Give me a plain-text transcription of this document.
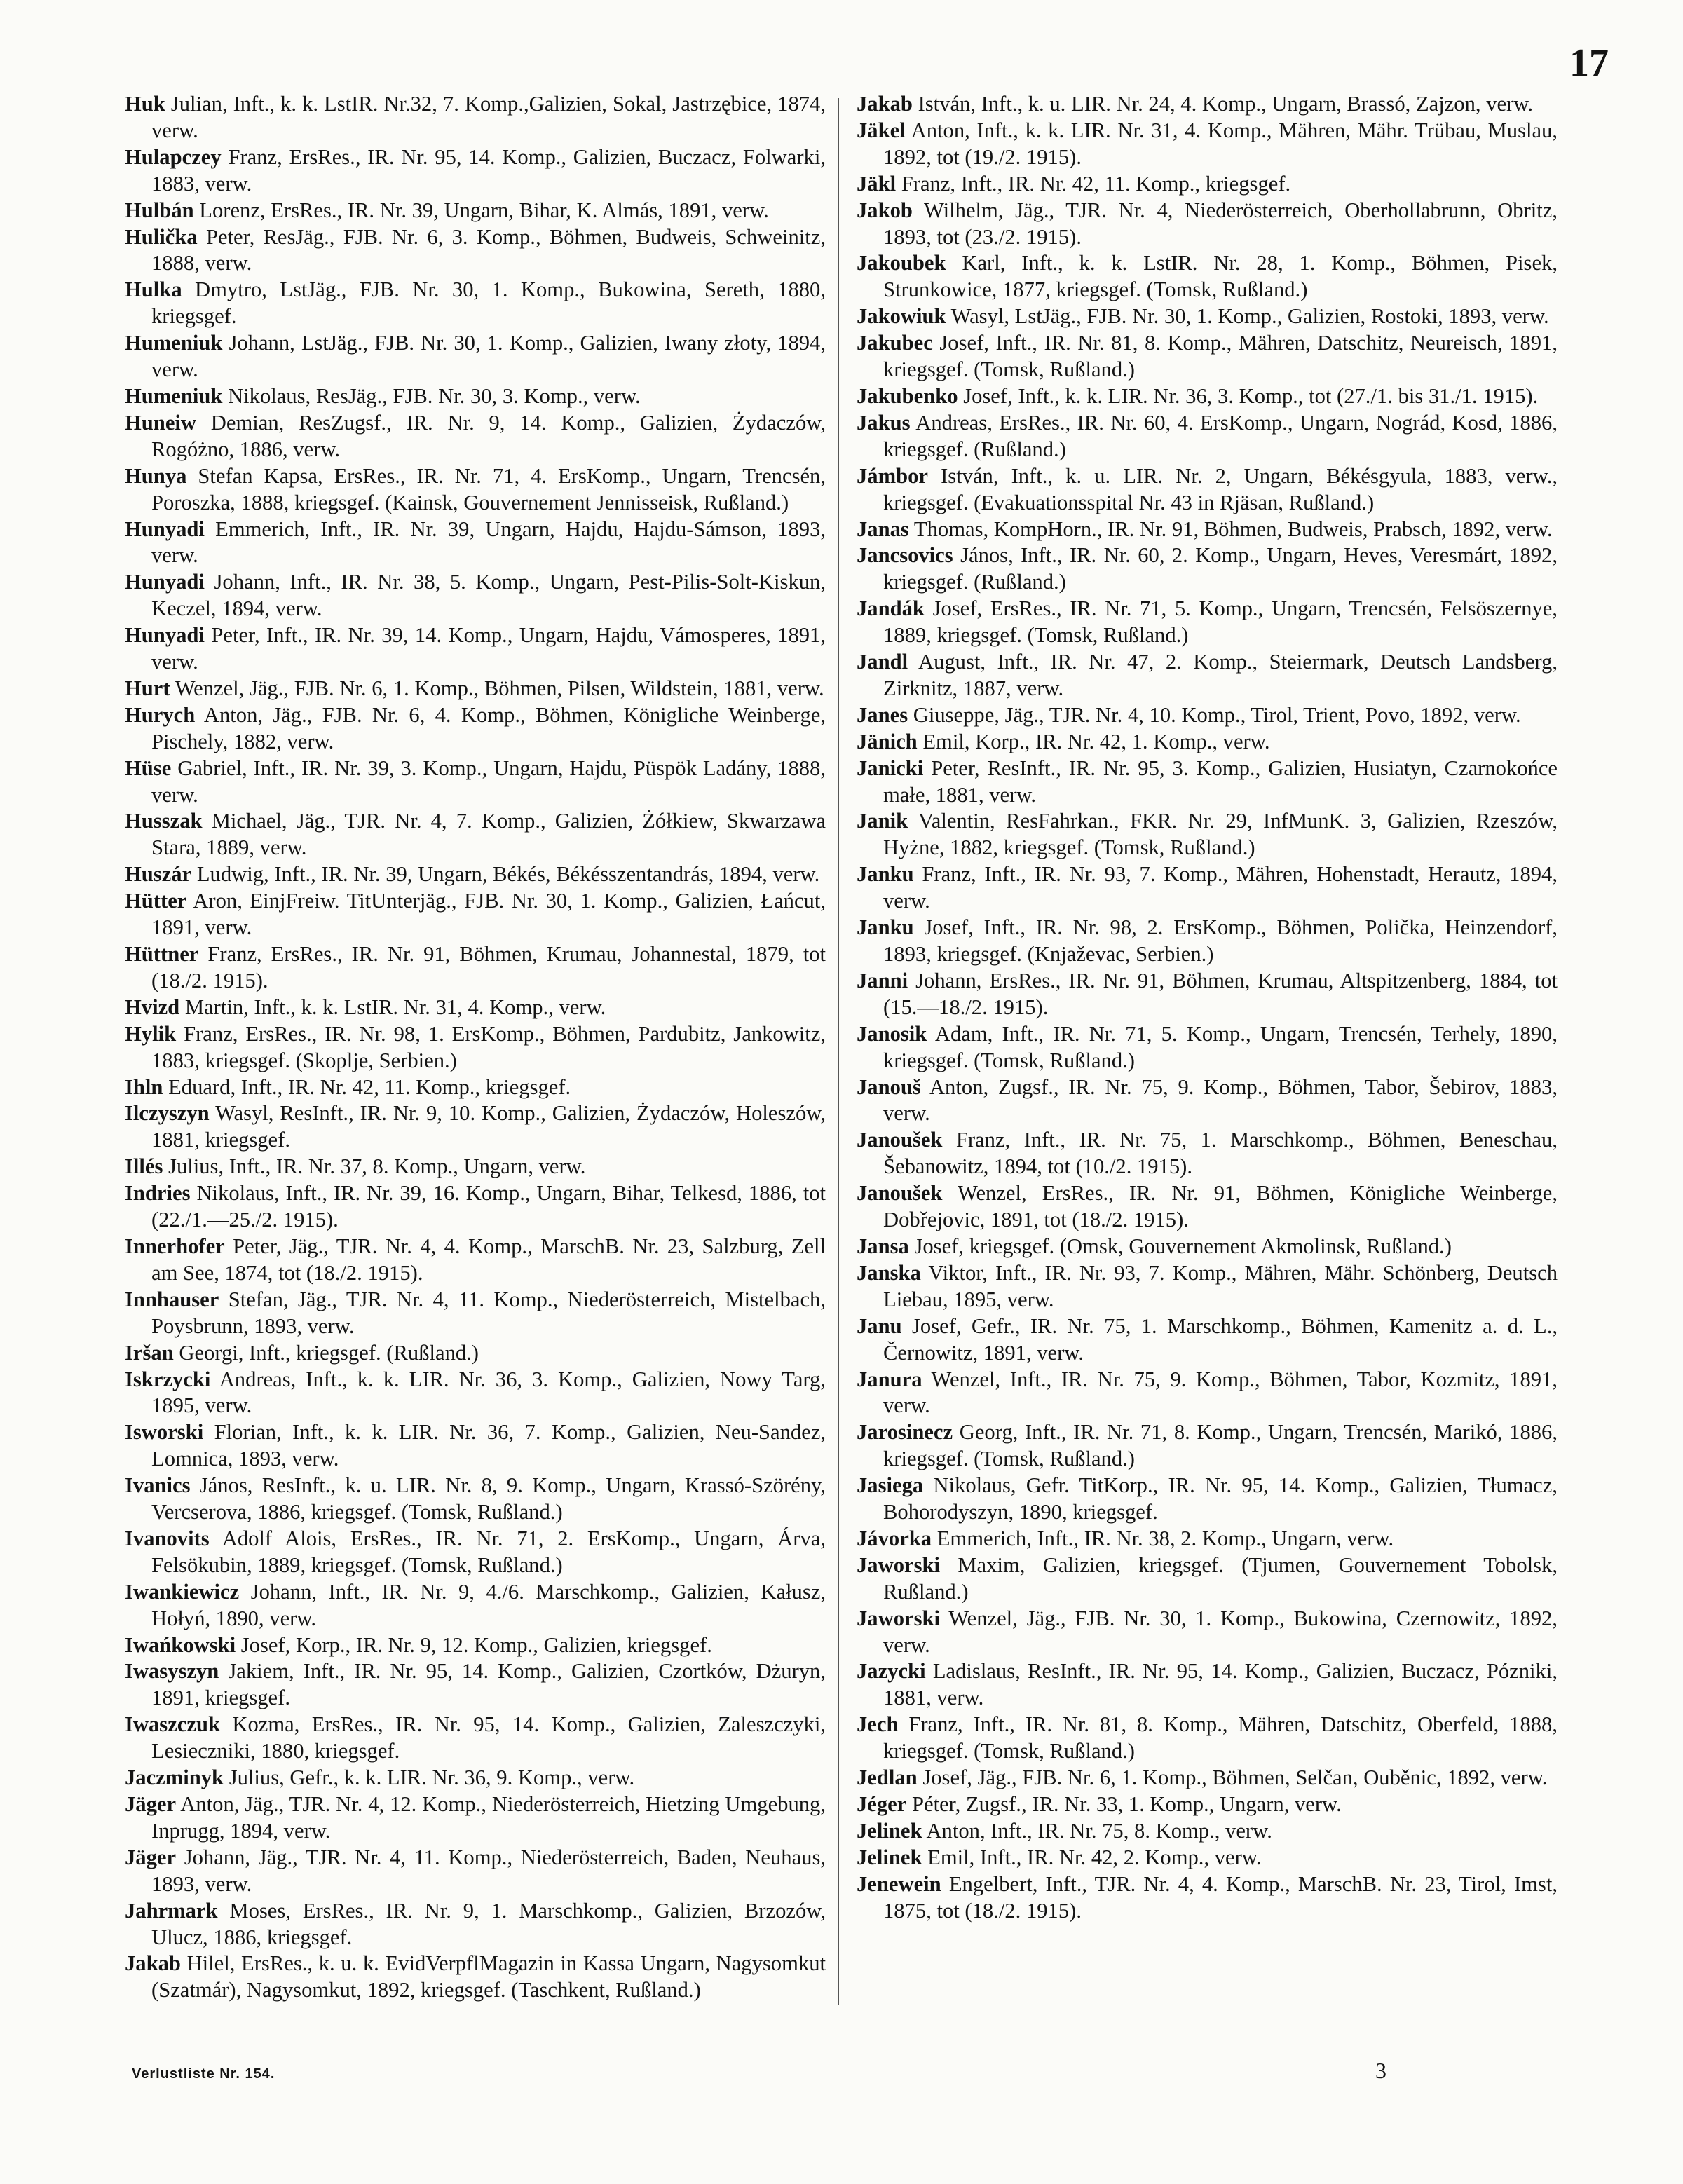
17

Huk Julian, Inft., k. k. LstIR. Nr.32, 7. Komp.,Galizien, Sokal, Jastrzębice, 1874, verw.

Hulapczey Franz, ErsRes., IR. Nr. 95, 14. Komp., Galizien, Buczacz, Folwarki, 1883, verw.

Hulbán Lorenz, ErsRes., IR. Nr. 39, Ungarn, Bihar, K. Almás, 1891, verw.

Hulička Peter, ResJäg., FJB. Nr. 6, 3. Komp., Böhmen, Budweis, Schweinitz, 1888, verw.

Hulka Dmytro, LstJäg., FJB. Nr. 30, 1. Komp., Bukowina, Sereth, 1880, kriegsgef.

Humeniuk Johann, LstJäg., FJB. Nr. 30, 1. Komp., Galizien, Iwany złoty, 1894, verw.

Humeniuk Nikolaus, ResJäg., FJB. Nr. 30, 3. Komp., verw.

Huneiw Demian, ResZugsf., IR. Nr. 9, 14. Komp., Galizien, Żydaczów, Rogóżno, 1886, verw.

Hunya Stefan Kapsa, ErsRes., IR. Nr. 71, 4. ErsKomp., Ungarn, Trencsén, Poroszka, 1888, kriegsgef. (Kainsk, Gouvernement Jennisseisk, Rußland.)

Hunyadi Emmerich, Inft., IR. Nr. 39, Ungarn, Hajdu, Hajdu-Sámson, 1893, verw.

Hunyadi Johann, Inft., IR. Nr. 38, 5. Komp., Ungarn, Pest-Pilis-Solt-Kiskun, Keczel, 1894, verw.

Hunyadi Peter, Inft., IR. Nr. 39, 14. Komp., Ungarn, Hajdu, Vámosperes, 1891, verw.

Hurt Wenzel, Jäg., FJB. Nr. 6, 1. Komp., Böhmen, Pilsen, Wildstein, 1881, verw.

Hurych Anton, Jäg., FJB. Nr. 6, 4. Komp., Böhmen, Königliche Weinberge, Pischely, 1882, verw.

Hüse Gabriel, Inft., IR. Nr. 39, 3. Komp., Ungarn, Hajdu, Püspök Ladány, 1888, verw.

Husszak Michael, Jäg., TJR. Nr. 4, 7. Komp., Galizien, Żółkiew, Skwarzawa Stara, 1889, verw.

Huszár Ludwig, Inft., IR. Nr. 39, Ungarn, Békés, Békésszentandrás, 1894, verw.

Hütter Aron, EinjFreiw. TitUnterjäg., FJB. Nr. 30, 1. Komp., Galizien, Łańcut, 1891, verw.

Hüttner Franz, ErsRes., IR. Nr. 91, Böhmen, Krumau, Johannestal, 1879, tot (18./2. 1915).

Hvizd Martin, Inft., k. k. LstIR. Nr. 31, 4. Komp., verw.

Hylik Franz, ErsRes., IR. Nr. 98, 1. ErsKomp., Böhmen, Pardubitz, Jankowitz, 1883, kriegsgef. (Skoplje, Serbien.)

Ihln Eduard, Inft., IR. Nr. 42, 11. Komp., kriegsgef.

Ilczyszyn Wasyl, ResInft., IR. Nr. 9, 10. Komp., Galizien, Żydaczów, Holeszów, 1881, kriegsgef.

Illés Julius, Inft., IR. Nr. 37, 8. Komp., Ungarn, verw.

Indries Nikolaus, Inft., IR. Nr. 39, 16. Komp., Ungarn, Bihar, Telkesd, 1886, tot (22./1.—25./2. 1915).

Innerhofer Peter, Jäg., TJR. Nr. 4, 4. Komp., MarschB. Nr. 23, Salzburg, Zell am See, 1874, tot (18./2. 1915).

Innhauser Stefan, Jäg., TJR. Nr. 4, 11. Komp., Niederösterreich, Mistelbach, Poysbrunn, 1893, verw.

Iršan Georgi, Inft., kriegsgef. (Rußland.)

Iskrzycki Andreas, Inft., k. k. LIR. Nr. 36, 3. Komp., Galizien, Nowy Targ, 1895, verw.

Isworski Florian, Inft., k. k. LIR. Nr. 36, 7. Komp., Galizien, Neu-Sandez, Lomnica, 1893, verw.

Ivanics János, ResInft., k. u. LIR. Nr. 8, 9. Komp., Ungarn, Krassó-Szörény, Vercserova, 1886, kriegsgef. (Tomsk, Rußland.)

Ivanovits Adolf Alois, ErsRes., IR. Nr. 71, 2. ErsKomp., Ungarn, Árva, Felsökubin, 1889, kriegsgef. (Tomsk, Rußland.)

Iwankiewicz Johann, Inft., IR. Nr. 9, 4./6. Marschkomp., Galizien, Kałusz, Hołyń, 1890, verw.

Iwańkowski Josef, Korp., IR. Nr. 9, 12. Komp., Galizien, kriegsgef.

Iwasyszyn Jakiem, Inft., IR. Nr. 95, 14. Komp., Galizien, Czortków, Dżuryn, 1891, kriegsgef.

Iwaszczuk Kozma, ErsRes., IR. Nr. 95, 14. Komp., Galizien, Zaleszczyki, Lesieczniki, 1880, kriegsgef.

Jaczminyk Julius, Gefr., k. k. LIR. Nr. 36, 9. Komp., verw.

Jäger Anton, Jäg., TJR. Nr. 4, 12. Komp., Niederösterreich, Hietzing Umgebung, Inprugg, 1894, verw.

Jäger Johann, Jäg., TJR. Nr. 4, 11. Komp., Niederösterreich, Baden, Neuhaus, 1893, verw.

Jahrmark Moses, ErsRes., IR. Nr. 9, 1. Marschkomp., Galizien, Brzozów, Ulucz, 1886, kriegsgef.

Jakab Hilel, ErsRes., k. u. k. EvidVerpflMagazin in Kassa Ungarn, Nagysomkut (Szatmár), Nagysomkut, 1892, kriegsgef. (Taschkent, Rußland.)

Jakab István, Inft., k. u. LIR. Nr. 24, 4. Komp., Ungarn, Brassó, Zajzon, verw.

Jäkel Anton, Inft., k. k. LIR. Nr. 31, 4. Komp., Mähren, Mähr. Trübau, Muslau, 1892, tot (19./2. 1915).

Jäkl Franz, Inft., IR. Nr. 42, 11. Komp., kriegsgef.

Jakob Wilhelm, Jäg., TJR. Nr. 4, Niederösterreich, Oberhollabrunn, Obritz, 1893, tot (23./2. 1915).

Jakoubek Karl, Inft., k. k. LstIR. Nr. 28, 1. Komp., Böhmen, Pisek, Strunkowice, 1877, kriegsgef. (Tomsk, Rußland.)

Jakowiuk Wasyl, LstJäg., FJB. Nr. 30, 1. Komp., Galizien, Rostoki, 1893, verw.

Jakubec Josef, Inft., IR. Nr. 81, 8. Komp., Mähren, Datschitz, Neureisch, 1891, kriegsgef. (Tomsk, Rußland.)

Jakubenko Josef, Inft., k. k. LIR. Nr. 36, 3. Komp., tot (27./1. bis 31./1. 1915).

Jakus Andreas, ErsRes., IR. Nr. 60, 4. ErsKomp., Ungarn, Nográd, Kosd, 1886, kriegsgef. (Rußland.)

Jámbor István, Inft., k. u. LIR. Nr. 2, Ungarn, Békésgyula, 1883, verw., kriegsgef. (Evakuationsspital Nr. 43 in Rjäsan, Rußland.)

Janas Thomas, KompHorn., IR. Nr. 91, Böhmen, Budweis, Prabsch, 1892, verw.

Jancsovics János, Inft., IR. Nr. 60, 2. Komp., Ungarn, Heves, Veresmárt, 1892, kriegsgef. (Rußland.)

Jandák Josef, ErsRes., IR. Nr. 71, 5. Komp., Ungarn, Trencsén, Felsöszernye, 1889, kriegsgef. (Tomsk, Rußland.)

Jandl August, Inft., IR. Nr. 47, 2. Komp., Steiermark, Deutsch Landsberg, Zirknitz, 1887, verw.

Janes Giuseppe, Jäg., TJR. Nr. 4, 10. Komp., Tirol, Trient, Povo, 1892, verw.

Jänich Emil, Korp., IR. Nr. 42, 1. Komp., verw.

Janicki Peter, ResInft., IR. Nr. 95, 3. Komp., Galizien, Husiatyn, Czarnokońce małe, 1881, verw.

Janik Valentin, ResFahrkan., FKR. Nr. 29, InfMunK. 3, Galizien, Rzeszów, Hyżne, 1882, kriegsgef. (Tomsk, Rußland.)

Janku Franz, Inft., IR. Nr. 93, 7. Komp., Mähren, Hohenstadt, Herautz, 1894, verw.

Janku Josef, Inft., IR. Nr. 98, 2. ErsKomp., Böhmen, Polička, Heinzendorf, 1893, kriegsgef. (Knjaževac, Serbien.)

Janni Johann, ErsRes., IR. Nr. 91, Böhmen, Krumau, Altspitzenberg, 1884, tot (15.—18./2. 1915).

Janosik Adam, Inft., IR. Nr. 71, 5. Komp., Ungarn, Trencsén, Terhely, 1890, kriegsgef. (Tomsk, Rußland.)

Janouš Anton, Zugsf., IR. Nr. 75, 9. Komp., Böhmen, Tabor, Šebirov, 1883, verw.

Janoušek Franz, Inft., IR. Nr. 75, 1. Marschkomp., Böhmen, Beneschau, Šebanowitz, 1894, tot (10./2. 1915).

Janoušek Wenzel, ErsRes., IR. Nr. 91, Böhmen, Königliche Weinberge, Dobřejovic, 1891, tot (18./2. 1915).

Jansa Josef, kriegsgef. (Omsk, Gouvernement Akmolinsk, Rußland.)

Janska Viktor, Inft., IR. Nr. 93, 7. Komp., Mähren, Mähr. Schönberg, Deutsch Liebau, 1895, verw.

Janu Josef, Gefr., IR. Nr. 75, 1. Marschkomp., Böhmen, Kamenitz a. d. L., Černowitz, 1891, verw.

Janura Wenzel, Inft., IR. Nr. 75, 9. Komp., Böhmen, Tabor, Kozmitz, 1891, verw.

Jarosinecz Georg, Inft., IR. Nr. 71, 8. Komp., Ungarn, Trencsén, Marikó, 1886, kriegsgef. (Tomsk, Rußland.)

Jasiega Nikolaus, Gefr. TitKorp., IR. Nr. 95, 14. Komp., Galizien, Tłumacz, Bohorodyszyn, 1890, kriegsgef.

Jávorka Emmerich, Inft., IR. Nr. 38, 2. Komp., Ungarn, verw.

Jaworski Maxim, Galizien, kriegsgef. (Tjumen, Gouvernement Tobolsk, Rußland.)

Jaworski Wenzel, Jäg., FJB. Nr. 30, 1. Komp., Bukowina, Czernowitz, 1892, verw.

Jazycki Ladislaus, ResInft., IR. Nr. 95, 14. Komp., Galizien, Buczacz, Pózniki, 1881, verw.

Jech Franz, Inft., IR. Nr. 81, 8. Komp., Mähren, Datschitz, Oberfeld, 1888, kriegsgef. (Tomsk, Rußland.)

Jedlan Josef, Jäg., FJB. Nr. 6, 1. Komp., Böhmen, Selčan, Ouběnic, 1892, verw.

Jéger Péter, Zugsf., IR. Nr. 33, 1. Komp., Ungarn, verw.

Jelinek Anton, Inft., IR. Nr. 75, 8. Komp., verw.

Jelinek Emil, Inft., IR. Nr. 42, 2. Komp., verw.

Jenewein Engelbert, Inft., TJR. Nr. 4, 4. Komp., MarschB. Nr. 23, Tirol, Imst, 1875, tot (18./2. 1915).

Verlustliste Nr. 154.	3
